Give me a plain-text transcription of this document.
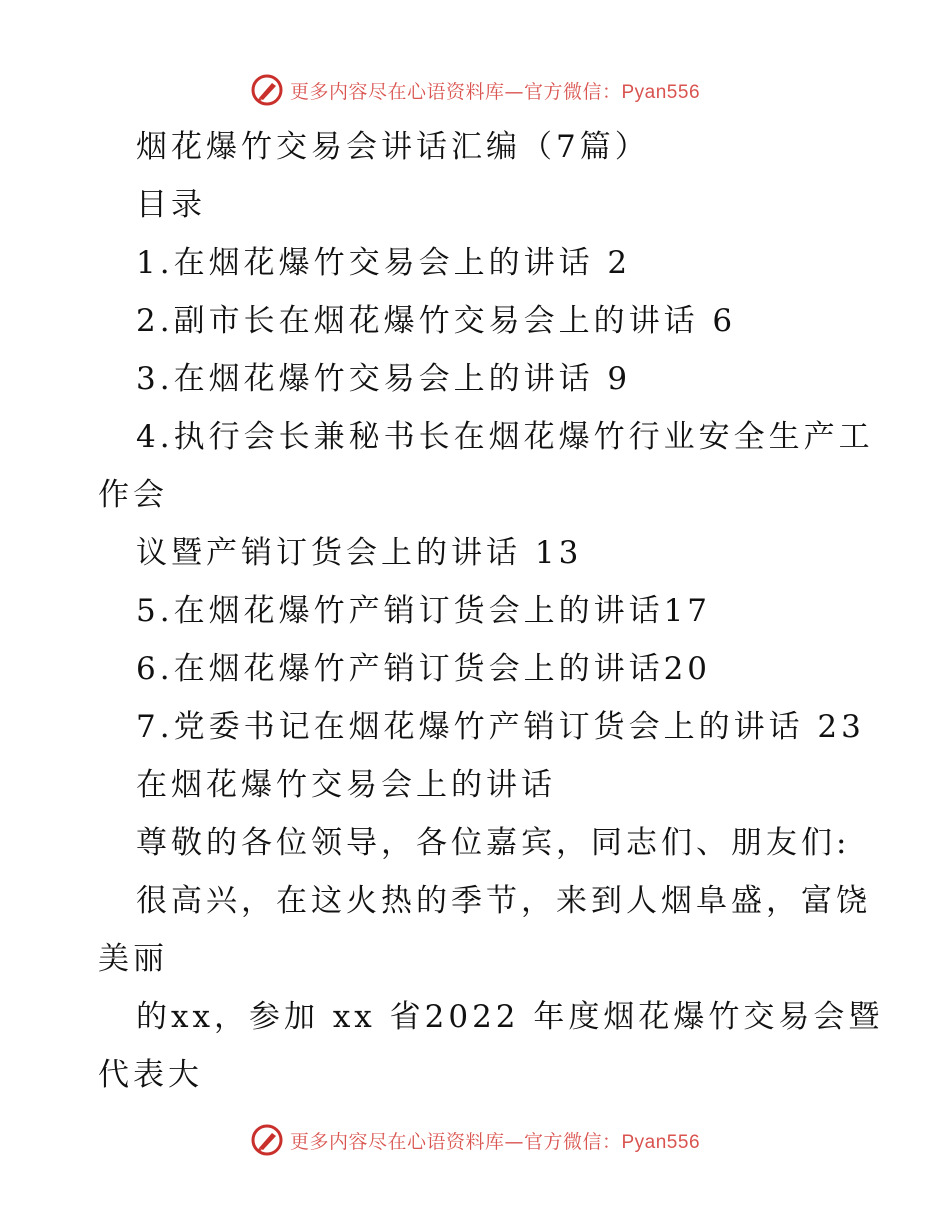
更多内容尽在心语资料库—官方微信：Pyan556
烟花爆竹交易会讲话汇编（7篇）
目录
1.在烟花爆竹交易会上的讲话 2
2.副市长在烟花爆竹交易会上的讲话 6
3.在烟花爆竹交易会上的讲话 9
4.执行会长兼秘书长在烟花爆竹行业安全生产工
作会
议暨产销订货会上的讲话 13
5.在烟花爆竹产销订货会上的讲话17
6.在烟花爆竹产销订货会上的讲话20
7.党委书记在烟花爆竹产销订货会上的讲话 23
在烟花爆竹交易会上的讲话
尊敬的各位领导，各位嘉宾，同志们、朋友们:
很高兴，在这火热的季节，来到人烟阜盛，富饶
美丽
的xx，参加 xx 省2022 年度烟花爆竹交易会暨
代表大
更多内容尽在心语资料库—官方微信：Pyan556
